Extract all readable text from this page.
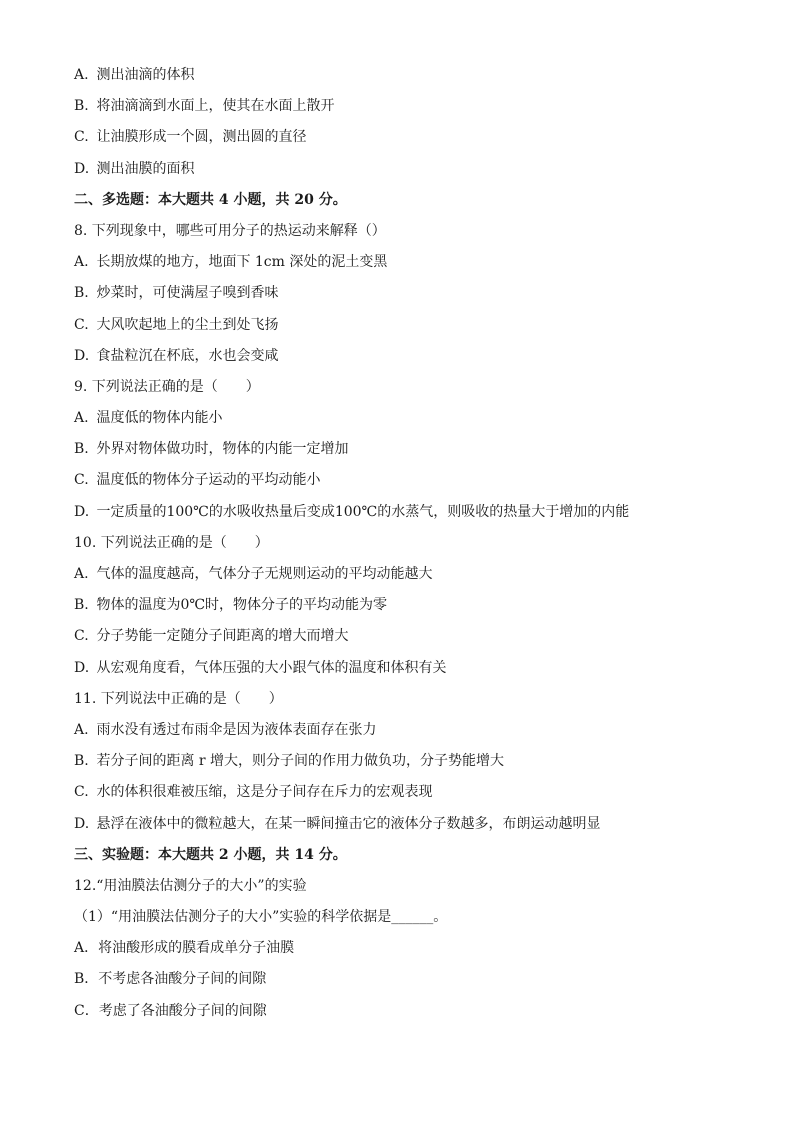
A. 测出油滴的体积
B. 将油滴滴到水面上，使其在水面上散开
C. 让油膜形成一个圆，测出圆的直径
D. 测出油膜的面积
二、多选题：本大题共 4 小题，共 20 分。
8. 下列现象中，哪些可用分子的热运动来解释（）
A. 长期放煤的地方，地面下 1cm 深处的泥土变黑
B. 炒菜时，可使满屋子嗅到香味
C. 大风吹起地上的尘土到处飞扬
D. 食盐粒沉在杯底，水也会变咸
9. 下列说法正确的是（　　）
A. 温度低的物体内能小
B. 外界对物体做功时，物体的内能一定增加
C. 温度低的物体分子运动的平均动能小
D. 一定质量的100℃的水吸收热量后变成100℃的水蒸气，则吸收的热量大于增加的内能
10. 下列说法正确的是（　　）
A. 气体的温度越高，气体分子无规则运动的平均动能越大
B. 物体的温度为0℃时，物体分子的平均动能为零
C. 分子势能一定随分子间距离的增大而增大
D. 从宏观角度看，气体压强的大小跟气体的温度和体积有关
11. 下列说法中正确的是（　　）
A. 雨水没有透过布雨伞是因为液体表面存在张力
B. 若分子间的距离 r 增大，则分子间的作用力做负功，分子势能增大
C. 水的体积很难被压缩，这是分子间存在斥力的宏观表现
D. 悬浮在液体中的微粒越大，在某一瞬间撞击它的液体分子数越多，布朗运动越明显
三、实验题：本大题共 2 小题，共 14 分。
12.“用油膜法估测分子的大小”的实验
（1）“用油膜法估测分子的大小”实验的科学依据是______。
A．将油酸形成的膜看成单分子油膜
B．不考虑各油酸分子间的间隙
C．考虑了各油酸分子间的间隙
